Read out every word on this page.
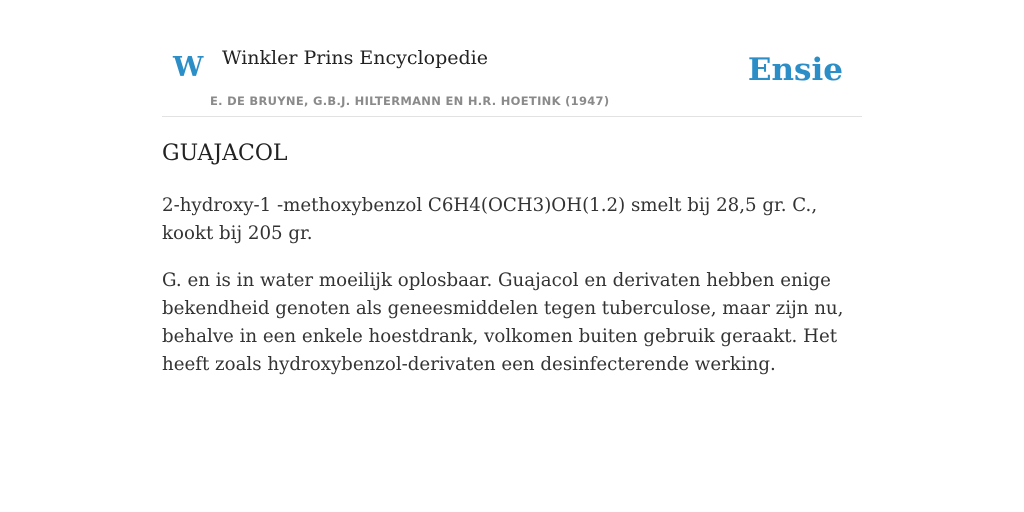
W Winkler Prins Encyclopedie
E. DE BRUYNE, G.B.J. HILTERMANN EN H.R. HOETINK (1947)
Ensie
GUAJACOL

2-hydroxy-1 -methoxybenzol C6H4(OCH3)OH(1.2) smelt bij 28,5 gr. C., kookt bij 205 gr.

G. en is in water moeilijk oplosbaar. Guajacol en derivaten hebben enige bekendheid genoten als geneesmiddelen tegen tuberculose, maar zijn nu, behalve in een enkele hoestdrank, volkomen buiten gebruik geraakt. Het heeft zoals hydroxybenzol-derivaten een desinfecterende werking.
